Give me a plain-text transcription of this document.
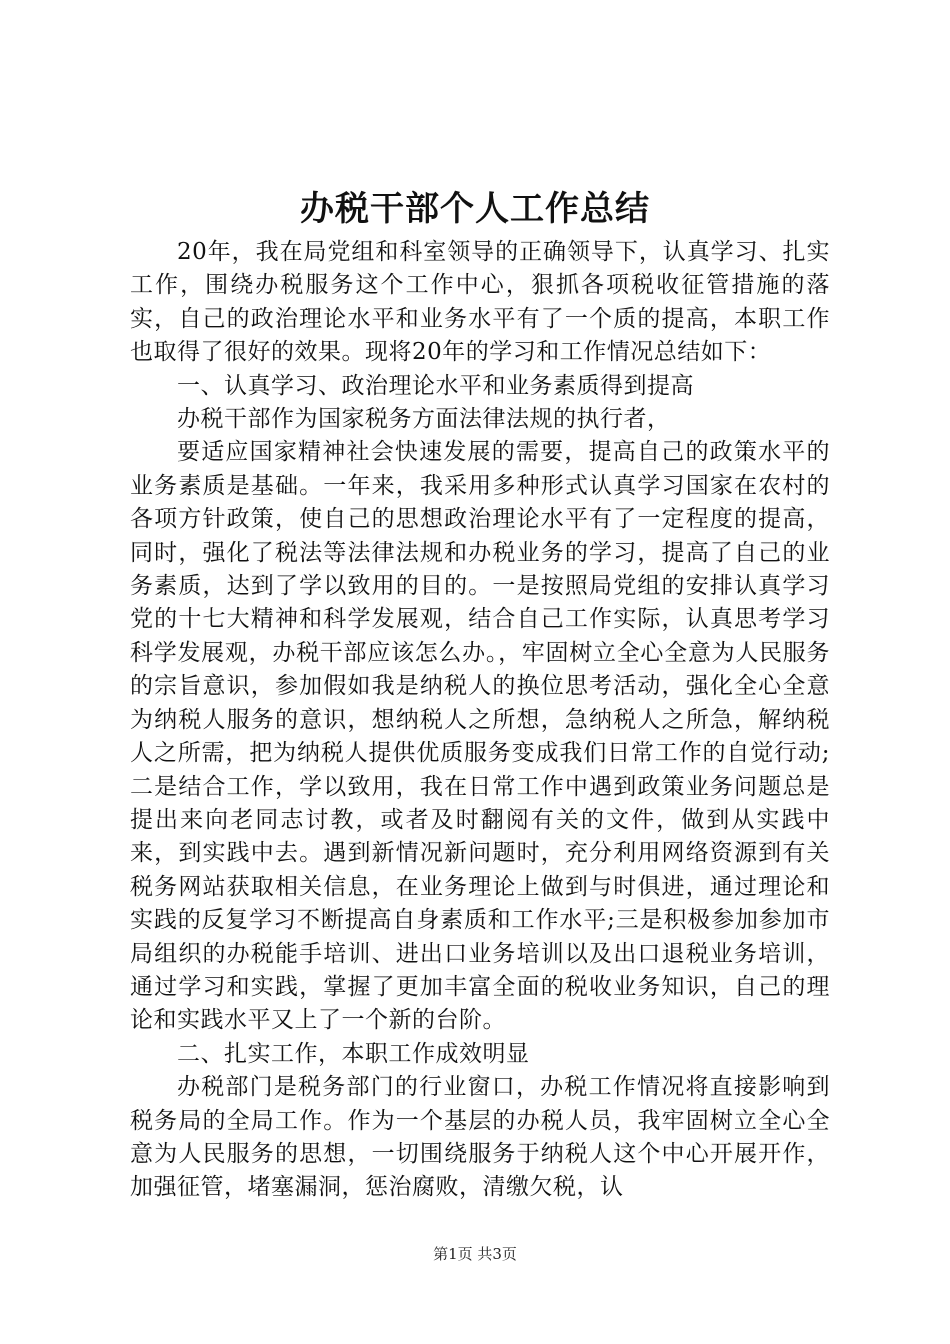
办税干部个人工作总结

20年，我在局党组和科室领导的正确领导下，认真学习、扎实工作，围绕办税服务这个工作中心，狠抓各项税收征管措施的落实，自己的政治理论水平和业务水平有了一个质的提高，本职工作也取得了很好的效果。现将20年的学习和工作情况总结如下：

一、认真学习、政治理论水平和业务素质得到提高

办税干部作为国家税务方面法律法规的执行者，

要适应国家精神社会快速发展的需要，提高自己的政策水平的业务素质是基础。一年来，我采用多种形式认真学习国家在农村的各项方针政策，使自己的思想政治理论水平有了一定程度的提高，同时，强化了税法等法律法规和办税业务的学习，提高了自己的业务素质，达到了学以致用的目的。一是按照局党组的安排认真学习党的十七大精神和科学发展观，结合自己工作实际，认真思考学习科学发展观，办税干部应该怎么办。，牢固树立全心全意为人民服务的宗旨意识，参加假如我是纳税人的换位思考活动，强化全心全意为纳税人服务的意识，想纳税人之所想，急纳税人之所急，解纳税人之所需，把为纳税人提供优质服务变成我们日常工作的自觉行动;二是结合工作，学以致用，我在日常工作中遇到政策业务问题总是提出来向老同志讨教，或者及时翻阅有关的文件，做到从实践中来，到实践中去。遇到新情况新问题时，充分利用网络资源到有关税务网站获取相关信息，在业务理论上做到与时俱进，通过理论和实践的反复学习不断提高自身素质和工作水平;三是积极参加参加市局组织的办税能手培训、进出口业务培训以及出口退税业务培训，通过学习和实践，掌握了更加丰富全面的税收业务知识，自己的理论和实践水平又上了一个新的台阶。

二、扎实工作，本职工作成效明显

办税部门是税务部门的行业窗口，办税工作情况将直接影响到税务局的全局工作。作为一个基层的办税人员，我牢固树立全心全意为人民服务的思想，一切围绕服务于纳税人这个中心开展开作，加强征管，堵塞漏洞，惩治腐败，清缴欠税，认

第1页 共3页
